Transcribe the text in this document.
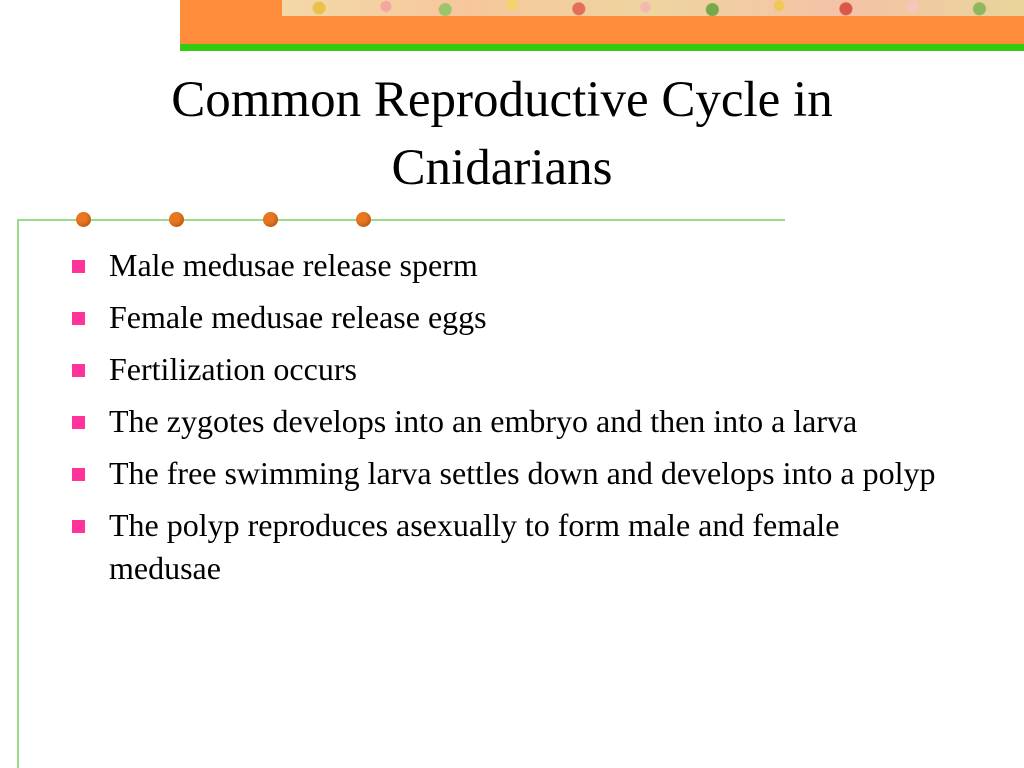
Common Reproductive Cycle in
Cnidarians
Male medusae release sperm
Female medusae release eggs
Fertilization occurs
The zygotes develops into an embryo and then into a larva
The free swimming larva settles down and develops into a polyp
The polyp reproduces asexually to form male and female medusae
